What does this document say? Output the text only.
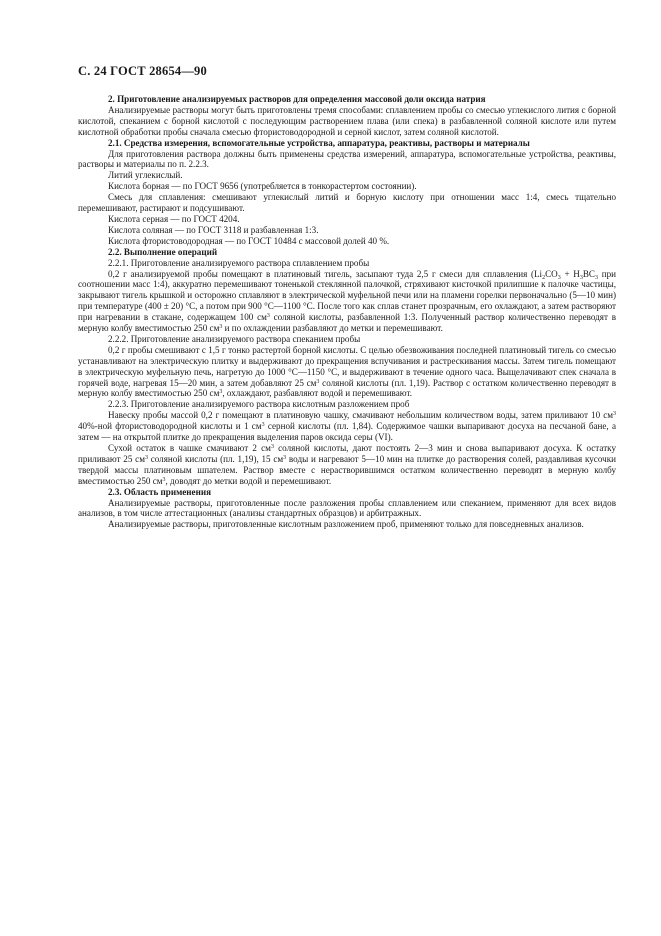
С. 24 ГОСТ 28654—90

2. Приготовление анализируемых растворов для определения массовой доли оксида натрия

Анализируемые растворы могут быть приготовлены тремя способами: сплавлением пробы со смесью углекислого лития с борной кислотой, спеканием с борной кислотой с последующим растворением плава (или спека) в разбавленной соляной кислоте или путем кислотной обработки пробы сначала смесью фтористоводородной и серной кислот, затем соляной кислотой.

2.1. Средства измерения, вспомогательные устройства, аппаратура, реактивы, растворы и материалы

Для приготовления раствора должны быть применены средства измерений, аппаратура, вспомогательные устройства, реактивы, растворы и материалы по п. 2.2.3.

Литий углекислый.

Кислота борная — по ГОСТ 9656 (употребляется в тонкорастертом состоянии).

Смесь для сплавления: смешивают углекислый литий и борную кислоту при отношении масс 1:4, смесь тщательно перемешивают, растирают и подсушивают.

Кислота серная — по ГОСТ 4204.

Кислота соляная — по ГОСТ 3118 и разбавленная 1:3.

Кислота фтористоводородная — по ГОСТ 10484 с массовой долей 40 %.

2.2. Выполнение операций

2.2.1. Приготовление анализируемого раствора сплавлением пробы

0,2 г анализируемой пробы помещают в платиновый тигель, засыпают туда 2,5 г смеси для сплавления ($Li_2CO_3 + H_3BC_3$ при соотношении масс 1:4), аккуратно перемешивают тоненькой стеклянной палочкой, стряхивают кисточкой прилипшие к палочке частицы, закрывают тигель крышкой и осторожно сплавляют в электрической муфельной печи или на пламени горелки первоначально (5—10 мин) при температуре (400 ± 20) °С, а потом при 900 °С—1100 °С. После того как сплав станет прозрачным, его охлаждают, а затем растворяют при нагревании в стакане, содержащем 100 $см^3$ соляной кислоты, разбавленной 1:3. Полученный раствор количественно переводят в мерную колбу вместимостью 250 $см^3$ и по охлаждении разбавляют до метки и перемешивают.

2.2.2. Приготовление анализируемого раствора спеканием пробы

0,2 г пробы смешивают с 1,5 г тонко растертой борной кислоты. С целью обезвоживания последней платиновый тигель со смесью устанавливают на электрическую плитку и выдерживают до прекращения вспучивания и растрескивания массы. Затем тигель помещают в электрическую муфельную печь, нагретую до 1000 °С—1150 °С, и выдерживают в течение одного часа. Выщелачивают спек сначала в горячей воде, нагревая 15—20 мин, а затем добавляют 25 $см^3$ соляной кислоты (пл. 1,19). Раствор с остатком количественно переводят в мерную колбу вместимостью 250 $см^3$, охлаждают, разбавляют водой и перемешивают.

2.2.3. Приготовление анализируемого раствора кислотным разложением проб

Навеску пробы массой 0,2 г помещают в платиновую чашку, смачивают небольшим количеством воды, затем приливают 10 $см^3$ 40%-ной фтористоводородной кислоты и 1 $см^3$ серной кислоты (пл. 1,84). Содержимое чашки выпаривают досуха на песчаной бане, а затем — на открытой плитке до прекращения выделения паров оксида серы (VI).

Сухой остаток в чашке смачивают 2 $см^3$ соляной кислоты, дают постоять 2—3 мин и снова выпаривают досуха. К остатку приливают 25 $см^3$ соляной кислоты (пл. 1,19), 15 $см^3$ воды и нагревают 5—10 мин на плитке до растворения солей, раздавливая кусочки твердой массы платиновым шпателем. Раствор вместе с нерастворившимся остатком количественно переводят в мерную колбу вместимостью 250 $см^3$, доводят до метки водой и перемешивают.

2.3. Область применения

Анализируемые растворы, приготовленные после разложения пробы сплавлением или спеканием, применяют для всех видов анализов, в том числе аттестационных (анализы стандартных образцов) и арбитражных.

Анализируемые растворы, приготовленные кислотным разложением проб, применяют только для повседневных анализов.
